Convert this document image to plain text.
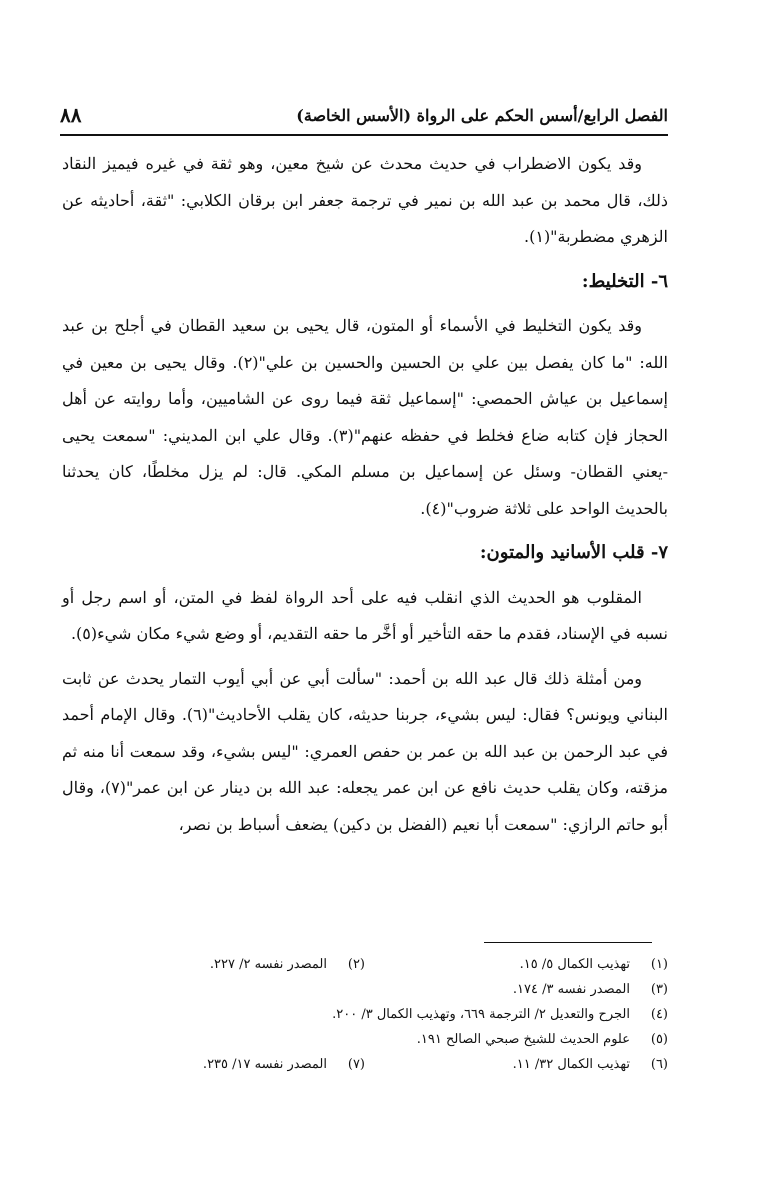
الفصل الرابع/أسس الحكم على الرواة (الأسس الخاصة)
٨٨

وقد يكون الاضطراب في حديث محدث عن شيخ معين، وهو ثقة في غيره فيميز النقاد ذلك، قال محمد بن عبد الله بن نمير في ترجمة جعفر ابن برقان الكلابي: "ثقة، أحاديثه عن الزهري مضطربة"(١).

٦- التخليط:

وقد يكون التخليط في الأسماء أو المتون، قال يحيى بن سعيد القطان في أجلح بن عبد الله: "ما كان يفصل بين علي بن الحسين والحسين بن علي"(٢). وقال يحيى بن معين في إسماعيل بن عياش الحمصي: "إسماعيل ثقة فيما روى عن الشاميين، وأما روايته عن أهل الحجاز فإن كتابه ضاع فخلط في حفظه عنهم"(٣). وقال علي ابن المديني: "سمعت يحيى -يعني القطان- وسئل عن إسماعيل بن مسلم المكي. قال: لم يزل مخلطًا، كان يحدثنا بالحديث الواحد على ثلاثة ضروب"(٤).

٧- قلب الأسانيد والمتون:

المقلوب هو الحديث الذي انقلب فيه على أحد الرواة لفظ في المتن، أو اسم رجل أو نسبه في الإسناد، فقدم ما حقه التأخير أو أخَّر ما حقه التقديم، أو وضع شيء مكان شيء(٥).

ومن أمثلة ذلك قال عبد الله بن أحمد: "سألت أبي عن أبي أيوب التمار يحدث عن ثابت البناني ويونس؟ فقال: ليس بشيء، جربنا حديثه، كان يقلب الأحاديث"(٦). وقال الإمام أحمد في عبد الرحمن بن عبد الله بن عمر بن حفص العمري: "ليس بشيء، وقد سمعت أنا منه ثم مزقته، وكان يقلب حديث نافع عن ابن عمر يجعله: عبد الله بن دينار عن ابن عمر"(٧)، وقال أبو حاتم الرازي: "سمعت أبا نعيم (الفضل بن دكين) يضعف أسباط بن نصر،

(١)
تهذيب الكمال ٥/ ١٥.
(٢)
المصدر نفسه ٢/ ٢٢٧.
(٣)
المصدر نفسه ٣/ ١٧٤.
(٤)
الجرح والتعديل ٢/ الترجمة ٦٦٩، وتهذيب الكمال ٣/ ٢٠٠.
(٥)
علوم الحديث للشيخ صبحي الصالح ١٩١.
(٦)
تهذيب الكمال ٣٢/ ١١.
(٧)
المصدر نفسه ١٧/ ٢٣٥.
